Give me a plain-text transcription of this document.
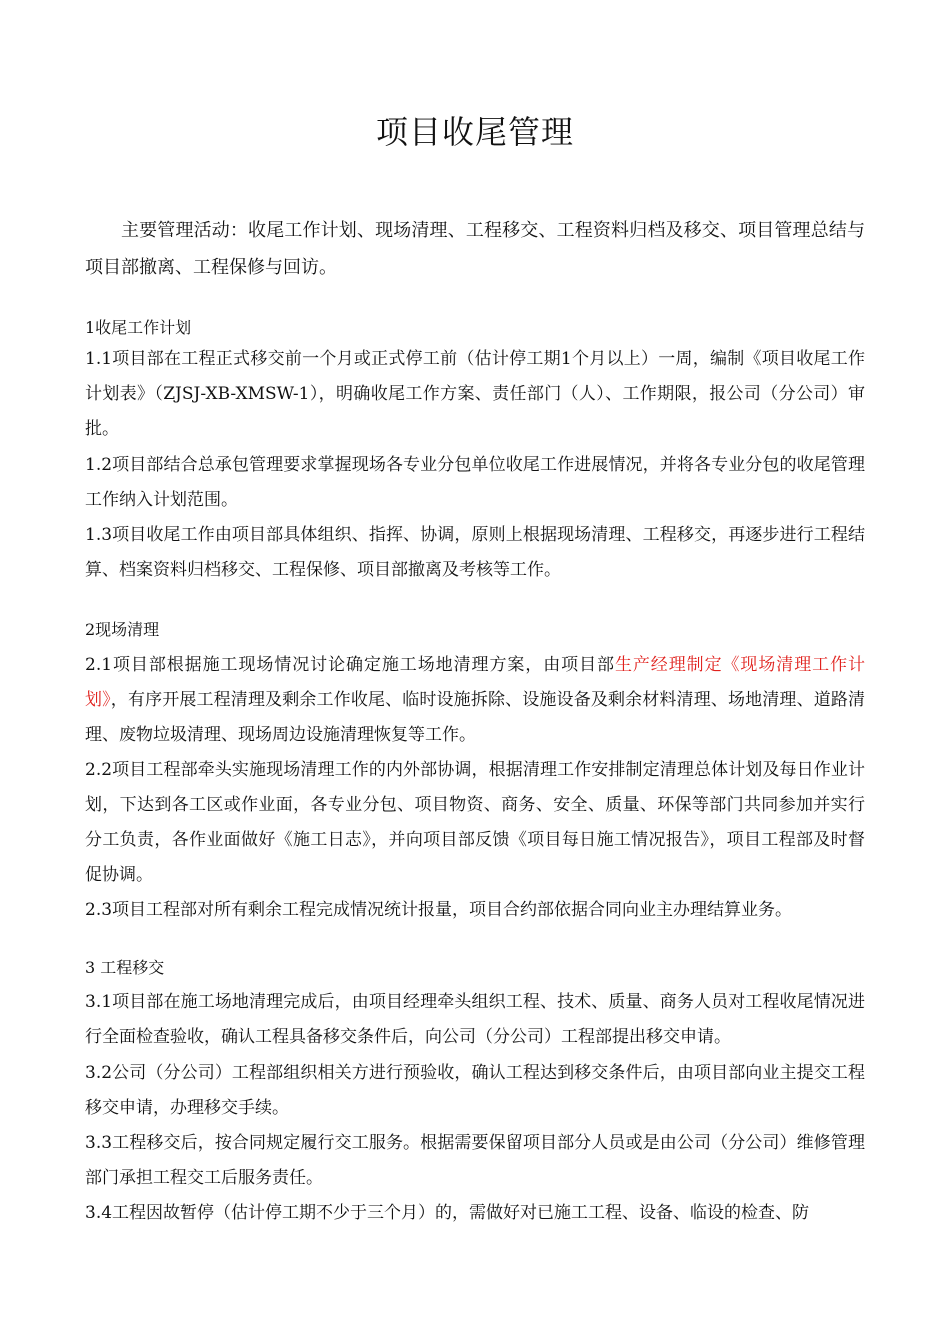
项目收尾管理
主要管理活动：收尾工作计划、现场清理、工程移交、工程资料归档及移交、项目管理总结与项目部撤离、工程保修与回访。
1收尾工作计划
1.1项目部在工程正式移交前一个月或正式停工前（估计停工期1个月以上）一周，编制《项目收尾工作计划表》（ZJSJ-XB-XMSW-1），明确收尾工作方案、责任部门（人）、工作期限，报公司（分公司）审批。
1.2项目部结合总承包管理要求掌握现场各专业分包单位收尾工作进展情况，并将各专业分包的收尾管理工作纳入计划范围。
1.3项目收尾工作由项目部具体组织、指挥、协调，原则上根据现场清理、工程移交，再逐步进行工程结算、档案资料归档移交、工程保修、项目部撤离及考核等工作。
2现场清理
2.1项目部根据施工现场情况讨论确定施工场地清理方案，由项目部生产经理制定《现场清理工作计划》，有序开展工程清理及剩余工作收尾、临时设施拆除、设施设备及剩余材料清理、场地清理、道路清理、废物垃圾清理、现场周边设施清理恢复等工作。
2.2项目工程部牵头实施现场清理工作的内外部协调，根据清理工作安排制定清理总体计划及每日作业计划，下达到各工区或作业面，各专业分包、项目物资、商务、安全、质量、环保等部门共同参加并实行分工负责，各作业面做好《施工日志》，并向项目部反馈《项目每日施工情况报告》，项目工程部及时督促协调。
2.3项目工程部对所有剩余工程完成情况统计报量，项目合约部依据合同向业主办理结算业务。
3 工程移交
3.1项目部在施工场地清理完成后，由项目经理牵头组织工程、技术、质量、商务人员对工程收尾情况进行全面检查验收，确认工程具备移交条件后，向公司（分公司）工程部提出移交申请。
3.2公司（分公司）工程部组织相关方进行预验收，确认工程达到移交条件后，由项目部向业主提交工程移交申请，办理移交手续。
3.3工程移交后，按合同规定履行交工服务。根据需要保留项目部分人员或是由公司（分公司）维修管理部门承担工程交工后服务责任。
3.4工程因故暂停（估计停工期不少于三个月）的，需做好对已施工工程、设备、临设的检查、防
